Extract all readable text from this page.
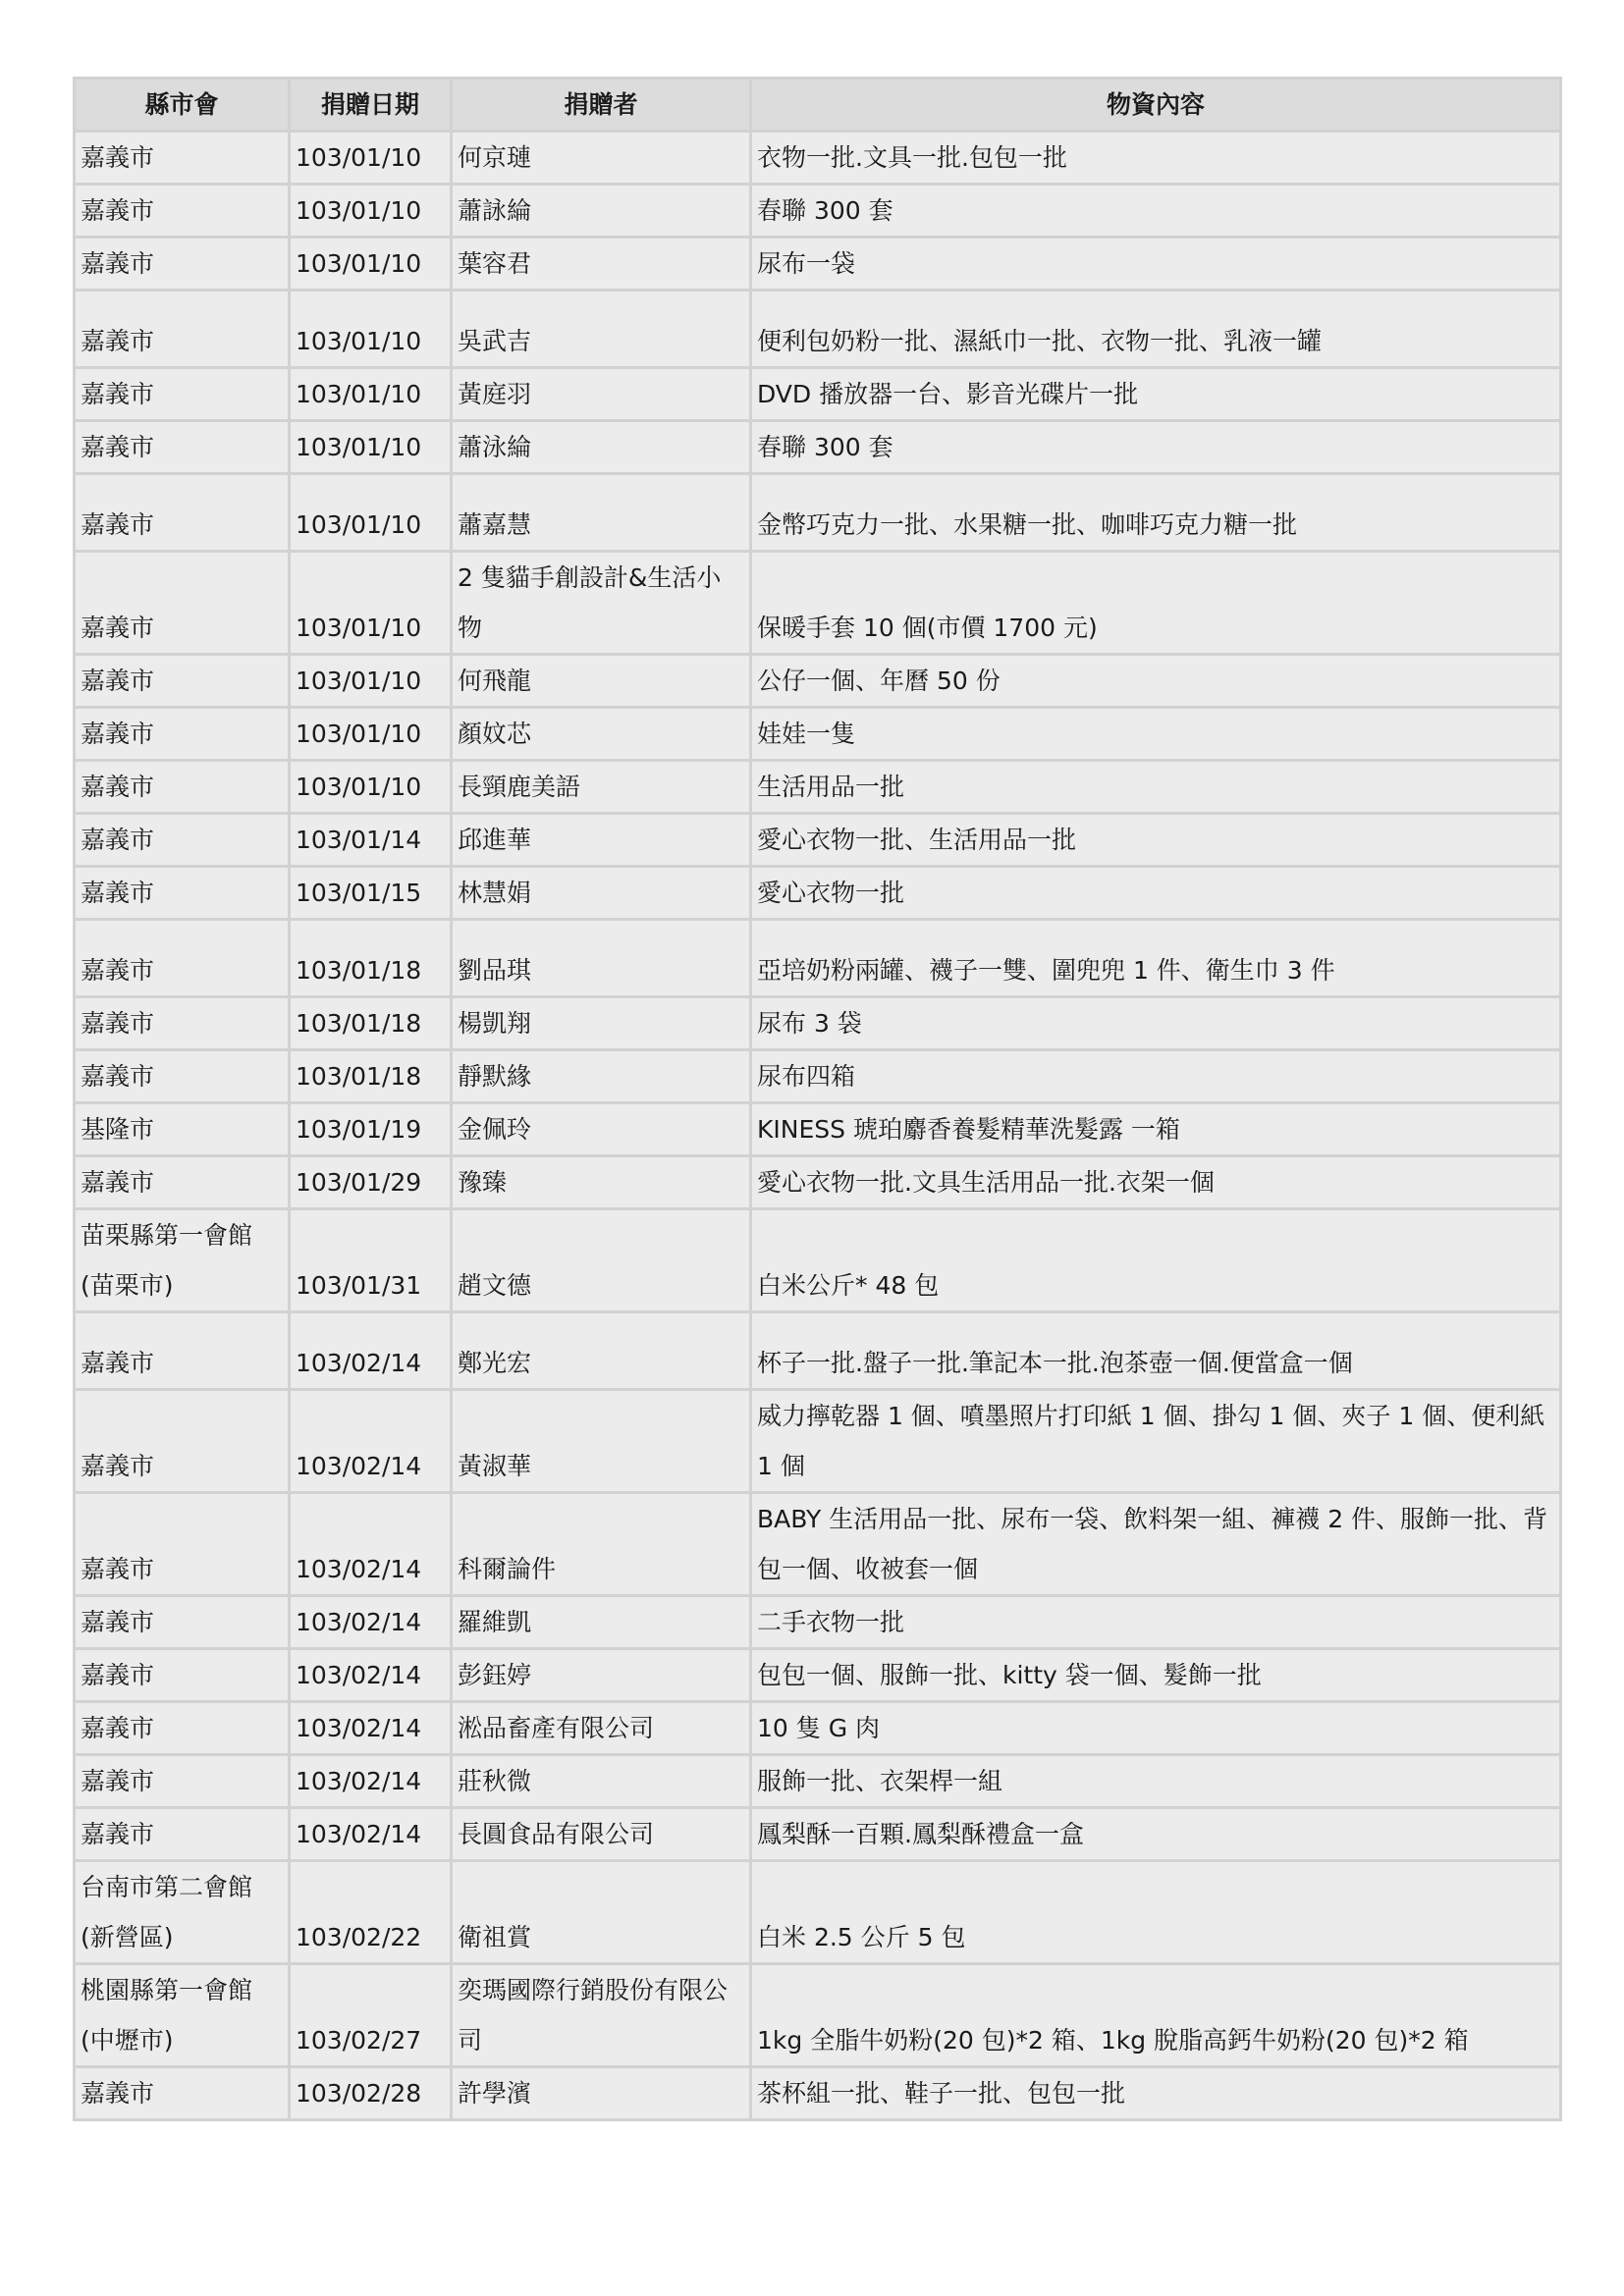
縣市會	捐贈日期	捐贈者	物資內容
嘉義市	103/01/10	何京璉	衣物一批.文具一批.包包一批
嘉義市	103/01/10	蕭詠綸	春聯 300 套
嘉義市	103/01/10	葉容君	尿布一袋
嘉義市	103/01/10	吳武吉	便利包奶粉一批、濕紙巾一批、衣物一批、乳液一罐
嘉義市	103/01/10	黃庭羽	DVD 播放器一台、影音光碟片一批
嘉義市	103/01/10	蕭泳綸	春聯 300 套
嘉義市	103/01/10	蕭嘉慧	金幣巧克力一批、水果糖一批、咖啡巧克力糖一批
嘉義市	103/01/10	2 隻貓手創設計&生活小物	保暖手套 10 個(市價 1700 元)
嘉義市	103/01/10	何飛龍	公仔一個、年曆 50 份
嘉義市	103/01/10	顏妏芯	娃娃一隻
嘉義市	103/01/10	長頸鹿美語	生活用品一批
嘉義市	103/01/14	邱進華	愛心衣物一批、生活用品一批
嘉義市	103/01/15	林慧娟	愛心衣物一批
嘉義市	103/01/18	劉品琪	亞培奶粉兩罐、襪子一雙、圍兜兜 1 件、衛生巾 3 件
嘉義市	103/01/18	楊凱翔	尿布 3 袋
嘉義市	103/01/18	靜默緣	尿布四箱
基隆市	103/01/19	金佩玲	KINESS 琥珀麝香養髮精華洗髮露 一箱
嘉義市	103/01/29	豫臻	愛心衣物一批.文具生活用品一批.衣架一個
苗栗縣第一會館(苗栗市)	103/01/31	趙文德	白米公斤* 48 包
嘉義市	103/02/14	鄭光宏	杯子一批.盤子一批.筆記本一批.泡茶壺一個.便當盒一個
嘉義市	103/02/14	黃淑華	威力擰乾器 1 個、噴墨照片打印紙 1 個、掛勾 1 個、夾子 1 個、便利紙 1 個
嘉義市	103/02/14	科爾論件	BABY 生活用品一批、尿布一袋、飲料架一組、褲襪 2 件、服飾一批、背包一個、收被套一個
嘉義市	103/02/14	羅維凱	二手衣物一批
嘉義市	103/02/14	彭鈺婷	包包一個、服飾一批、kitty 袋一個、髮飾一批
嘉義市	103/02/14	淞品畜產有限公司	10 隻 G 肉
嘉義市	103/02/14	莊秋微	服飾一批、衣架桿一組
嘉義市	103/02/14	長圓食品有限公司	鳳梨酥一百顆.鳳梨酥禮盒一盒
台南市第二會館(新營區)	103/02/22	衛祖賞	白米 2.5 公斤 5 包
桃園縣第一會館(中壢市)	103/02/27	奕瑪國際行銷股份有限公司	1kg 全脂牛奶粉(20 包)*2 箱、1kg 脫脂高鈣牛奶粉(20 包)*2 箱
嘉義市	103/02/28	許學濱	茶杯組一批、鞋子一批、包包一批
